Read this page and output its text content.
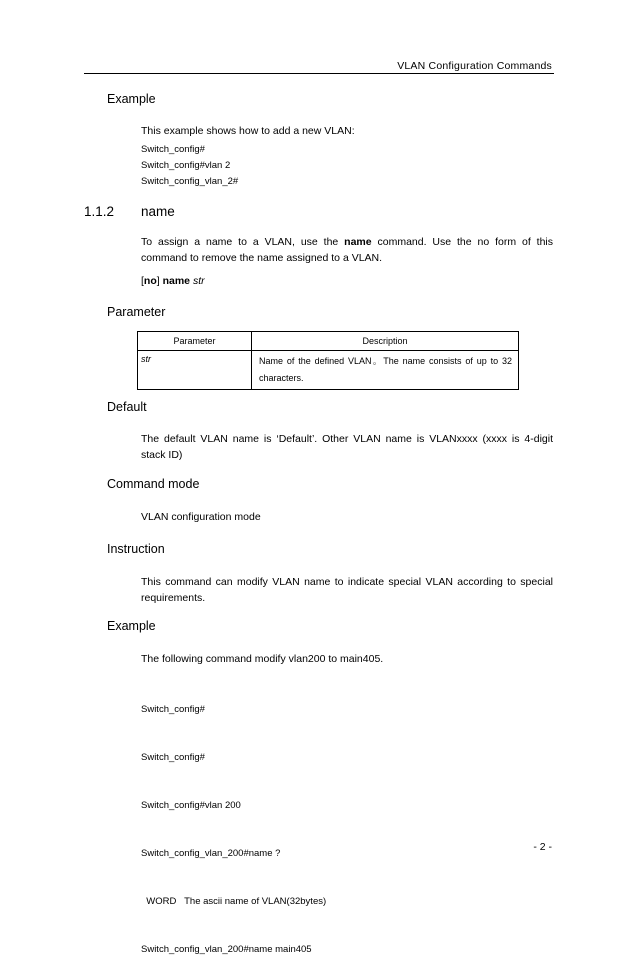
VLAN Configuration Commands
Example
This example shows how to add a new VLAN:
Switch_config#
Switch_config#vlan 2
Switch_config_vlan_2#
1.1.2 name
To assign a name to a VLAN, use the name command. Use the no form of this command to remove the name assigned to a VLAN.
[no] name str
Parameter
Parameter	Description
str	Name of the defined VLAN。The name consists of up to 32 characters.
Default
The default VLAN name is ‘Default’. Other VLAN name is VLANxxxx (xxxx is 4-digit stack ID)
Command mode
VLAN configuration mode
Instruction
This command can modify VLAN name to indicate special VLAN according to special requirements.
Example
The following command modify vlan200 to main405.

Switch_config#

Switch_config#

Switch_config#vlan 200

Switch_config_vlan_200#name ?

WORD   The ascii name of VLAN(32bytes)

Switch_config_vlan_200#name main405

- 2 -
